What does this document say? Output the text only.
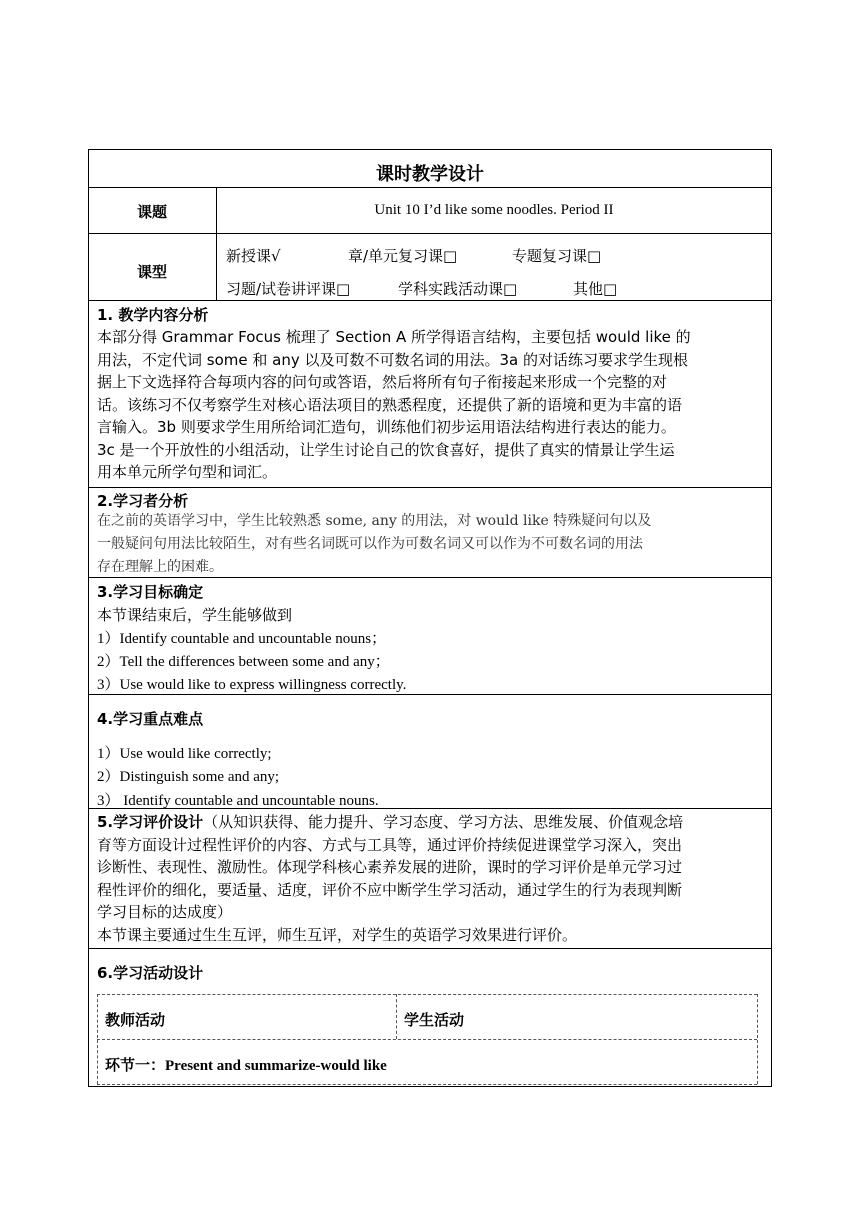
课时教学设计
课题	Unit 10 I’d like some noodles. Period II
课型
新授课√	章/单元复习课□	专题复习课□
习题/试卷讲评课□	学科实践活动课□	其他□
1. 教学内容分析
本部分得 Grammar Focus 梳理了 Section A 所学得语言结构，主要包括 would like 的
用法，不定代词 some 和 any 以及可数不可数名词的用法。3a 的对话练习要求学生现根
据上下文选择符合每项内容的问句或答语，然后将所有句子衔接起来形成一个完整的对
话。该练习不仅考察学生对核心语法项目的熟悉程度，还提供了新的语境和更为丰富的语
言输入。3b 则要求学生用所给词汇造句，训练他们初步运用语法结构进行表达的能力。
3c 是一个开放性的小组活动，让学生讨论自己的饮食喜好，提供了真实的情景让学生运
用本单元所学句型和词汇。
2.学习者分析
在之前的英语学习中，学生比较熟悉 some, any 的用法，对 would like 特殊疑问句以及
一般疑问句用法比较陌生，对有些名词既可以作为可数名词又可以作为不可数名词的用法
存在理解上的困难。
3.学习目标确定
本节课结束后，学生能够做到
1）Identify countable and uncountable nouns；
2）Tell the differences between some and any；
3）Use would like to express willingness correctly.
4.学习重点难点
1）Use would like correctly;
2）Distinguish some and any;
3） Identify countable and uncountable nouns.
5.学习评价设计（从知识获得、能力提升、学习态度、学习方法、思维发展、价值观念培
育等方面设计过程性评价的内容、方式与工具等，通过评价持续促进课堂学习深入，突出
诊断性、表现性、激励性。体现学科核心素养发展的进阶，课时的学习评价是单元学习过
程性评价的细化，要适量、适度，评价不应中断学生学习活动，通过学生的行为表现判断
学习目标的达成度）
本节课主要通过生生互评，师生互评，对学生的英语学习效果进行评价。
6.学习活动设计
教师活动	学生活动
环节一：Present and summarize-would like
